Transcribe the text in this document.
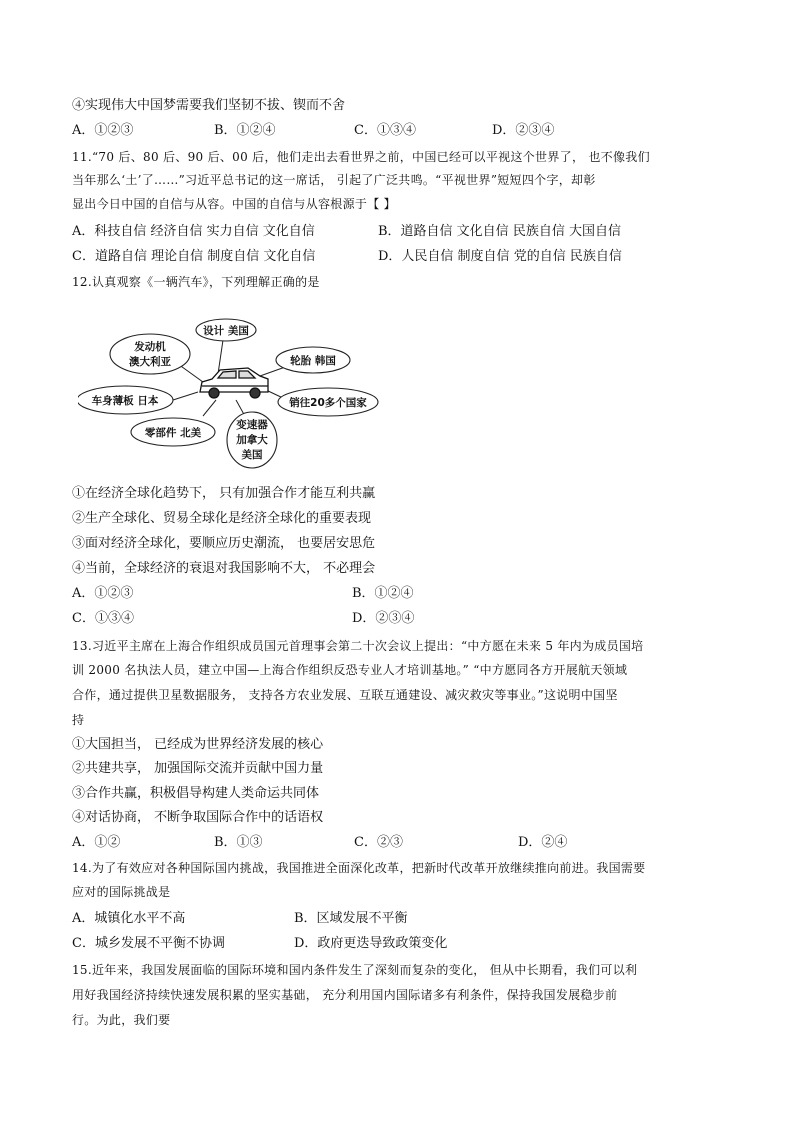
④实现伟大中国梦需要我们坚韧不拔、锲而不舍
A．①②③	B．①②④	C．①③④	D．②③④
11.“70 后、80 后、90 后、00 后，他们走出去看世界之前，中国已经可以平视这个世界了， 也不像我们
当年那么‘土’了……”习近平总书记的这一席话， 引起了广泛共鸣。“平视世界”短短四个字，却彰
显出今日中国的自信与从容。中国的自信与从容根源于【 】
A．科技自信 经济自信 实力自信 文化自信	B．道路自信 文化自信 民族自信 大国自信
C．道路自信 理论自信 制度自信 文化自信	D．人民自信 制度自信 党的自信 民族自信
12.认真观察《一辆汽车》，下列理解正确的是
设计 美国
发动机
澳大利亚	轮胎 韩国
车身薄板 日本	销往20多个国家
零部件 北美
变速器
加拿大
美国
①在经济全球化趋势下， 只有加强合作才能互利共赢
②生产全球化、贸易全球化是经济全球化的重要表现
③面对经济全球化，要顺应历史潮流， 也要居安思危
④当前，全球经济的衰退对我国影响不大， 不必理会
A．①②③	B．①②④
C．①③④	D．②③④
13.习近平主席在上海合作组织成员国元首理事会第二十次会议上提出：“中方愿在未来 5 年内为成员国培
训 2000 名执法人员，建立中国—上海合作组织反恐专业人才培训基地。” “中方愿同各方开展航天领域
合作，通过提供卫星数据服务， 支持各方农业发展、互联互通建设、减灾救灾等事业。”这说明中国坚
持
①大国担当， 已经成为世界经济发展的核心
②共建共享， 加强国际交流并贡献中国力量
③合作共赢，积极倡导构建人类命运共同体
④对话协商， 不断争取国际合作中的话语权
A．①②	B．①③	C．②③	D．②④
14.为了有效应对各种国际国内挑战，我国推进全面深化改革，把新时代改革开放继续推向前进。我国需要
应对的国际挑战是
A．城镇化水平不高	B．区域发展不平衡
C．城乡发展不平衡不协调	D．政府更迭导致政策变化
15.近年来，我国发展面临的国际环境和国内条件发生了深刻而复杂的变化， 但从中长期看，我们可以利
用好我国经济持续快速发展积累的坚实基础， 充分利用国内国际诸多有利条件，保持我国发展稳步前
行。为此，我们要
